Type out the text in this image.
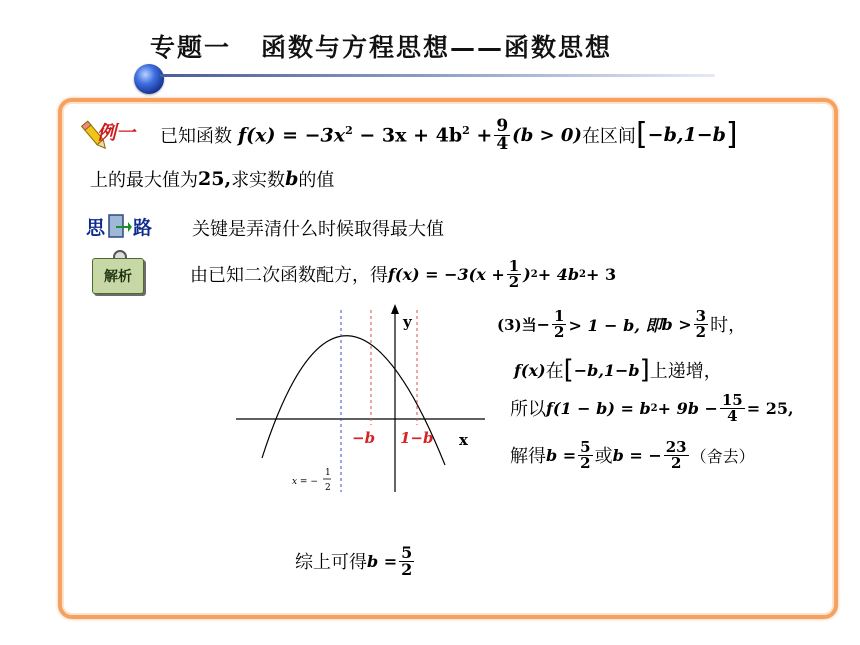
专题一 函数与方程思想——函数思想
例一 已知函数 $f(x) = -3x^2 - 3x + 4b^2 + \frac{9}{4} (b > 0)$ 在区间 [ −b,1−b ]
上的最大值为 25, 求实数 b 的值
思 路 关键是弄清什么时候取得最大值
解析	由已知二次函数配方，得 $f(x) = -3(x + \frac{1}{2}$ ) 2 + 4b 2 + 3
y
x
−b 1−b
x = −
1
2
(3)当 − $\frac{1}{2} > 1 - b$, 即 $b > \frac{3}{2}$ 时，
f(x) 在 [ −b,1−b ] 上递增，
所以 f(1 − b) = b $2 + 9b - \frac{15}{4} = 25$,
解得 $b = \frac{5}{2}$ 或 b = − $\frac{23}{2}$ （舍去）
综上可得 $b = \frac{5}{2}$
